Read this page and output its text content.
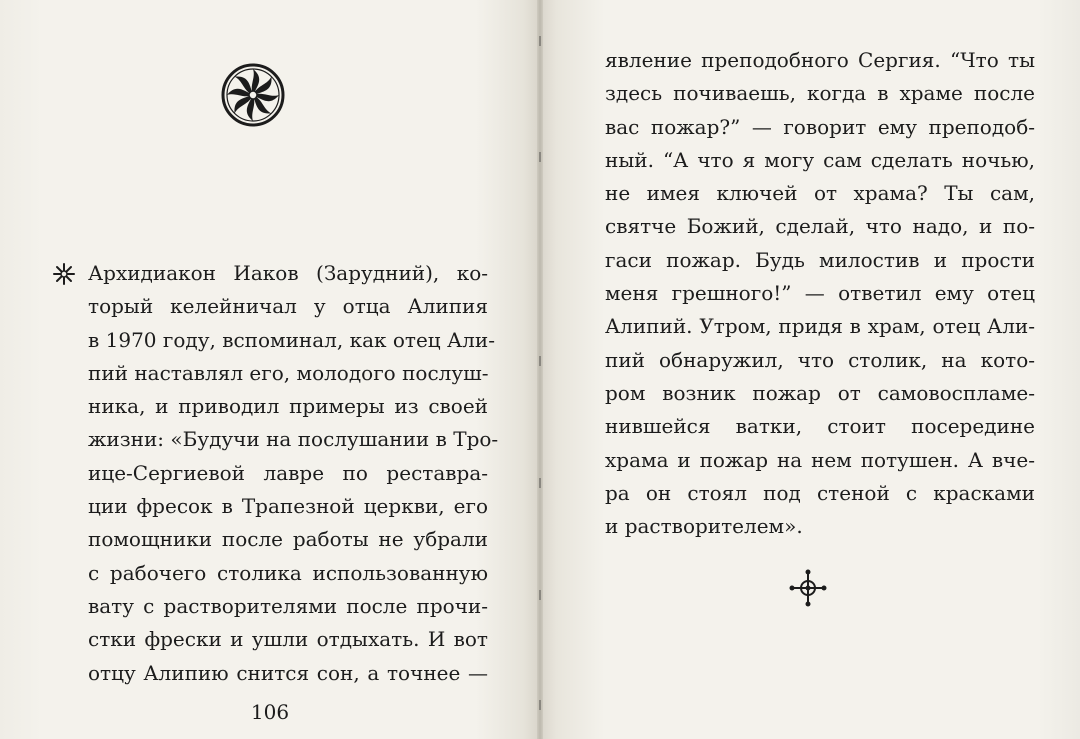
Архидиакон Иаков (Зарудний), ко-
торый келейничал у отца Алипия
в 1970 году, вспоминал, как отец Али-
пий наставлял его, молодого послуш-
ника, и приводил примеры из своей
жизни: «Будучи на послушании в Тро-
ице-Сергиевой лавре по реставра-
ции фресок в Трапезной церкви, его
помощники после работы не убрали
с рабочего столика использованную
вату с растворителями после прочи-
стки фрески и ушли отдыхать. И вот
отцу Алипию снится сон, а точнее —
106
явление преподобного Сергия. “Что ты
здесь почиваешь, когда в храме после
вас пожар?” — говорит ему преподоб-
ный. “А что я могу сам сделать ночью,
не имея ключей от храма? Ты сам,
святче Божий, сделай, что надо, и по-
гаси пожар. Будь милостив и прости
меня грешного!” — ответил ему отец
Алипий. Утром, придя в храм, отец Али-
пий обнаружил, что столик, на кото-
ром возник пожар от самовоспламе-
нившейся ватки, стоит посередине
храма и пожар на нем потушен. А вче-
ра он стоял под стеной с красками
и растворителем».
